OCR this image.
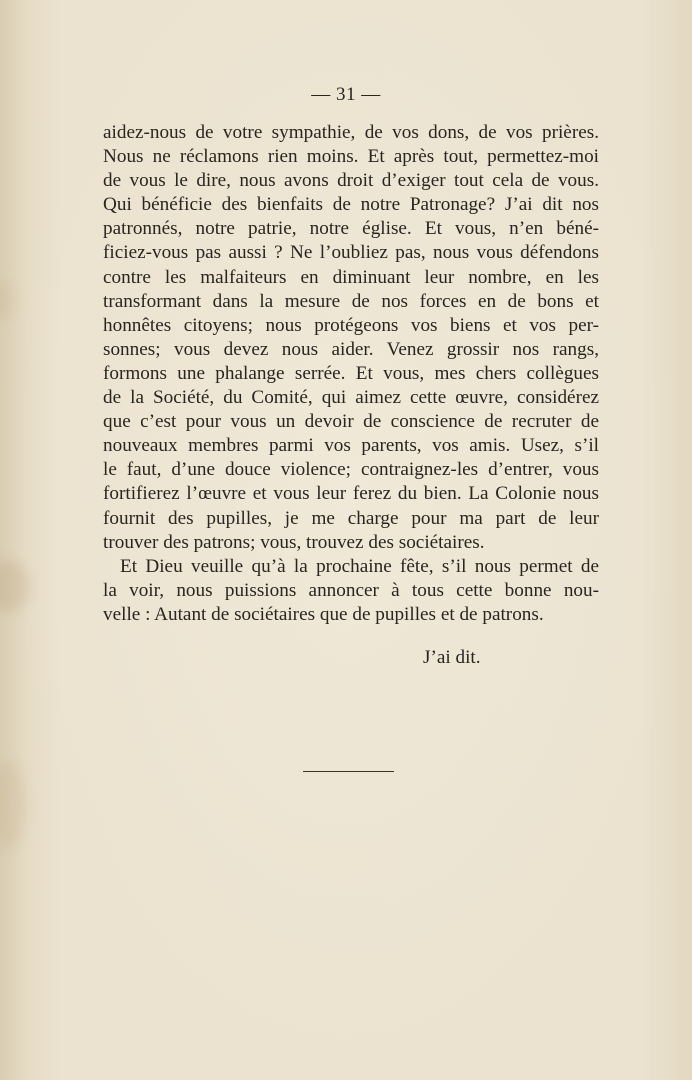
— 31 —
aidez-nous de votre sympathie, de vos dons, de vos prières.
Nous ne réclamons rien moins. Et après tout, permettez-moi
de vous le dire, nous avons droit d’exiger tout cela de vous.
Qui bénéficie des bienfaits de notre Patronage? J’ai dit nos
patronnés, notre patrie, notre église. Et vous, n’en béné-
ficiez-vous pas aussi ? Ne l’oubliez pas, nous vous défendons
contre les malfaiteurs en diminuant leur nombre, en les
transformant dans la mesure de nos forces en de bons et
honnêtes citoyens; nous protégeons vos biens et vos per-
sonnes; vous devez nous aider. Venez grossir nos rangs,
formons une phalange serrée. Et vous, mes chers collègues
de la Société, du Comité, qui aimez cette œuvre, considérez
que c’est pour vous un devoir de conscience de recruter de
nouveaux membres parmi vos parents, vos amis. Usez, s’il
le faut, d’une douce violence; contraignez-les d’entrer, vous
fortifierez l’œuvre et vous leur ferez du bien. La Colonie nous
fournit des pupilles, je me charge pour ma part de leur
trouver des patrons; vous, trouvez des sociétaires.
Et Dieu veuille qu’à la prochaine fête, s’il nous permet de
la voir, nous puissions annoncer à tous cette bonne nou-
velle : Autant de sociétaires que de pupilles et de patrons.
J’ai dit.
